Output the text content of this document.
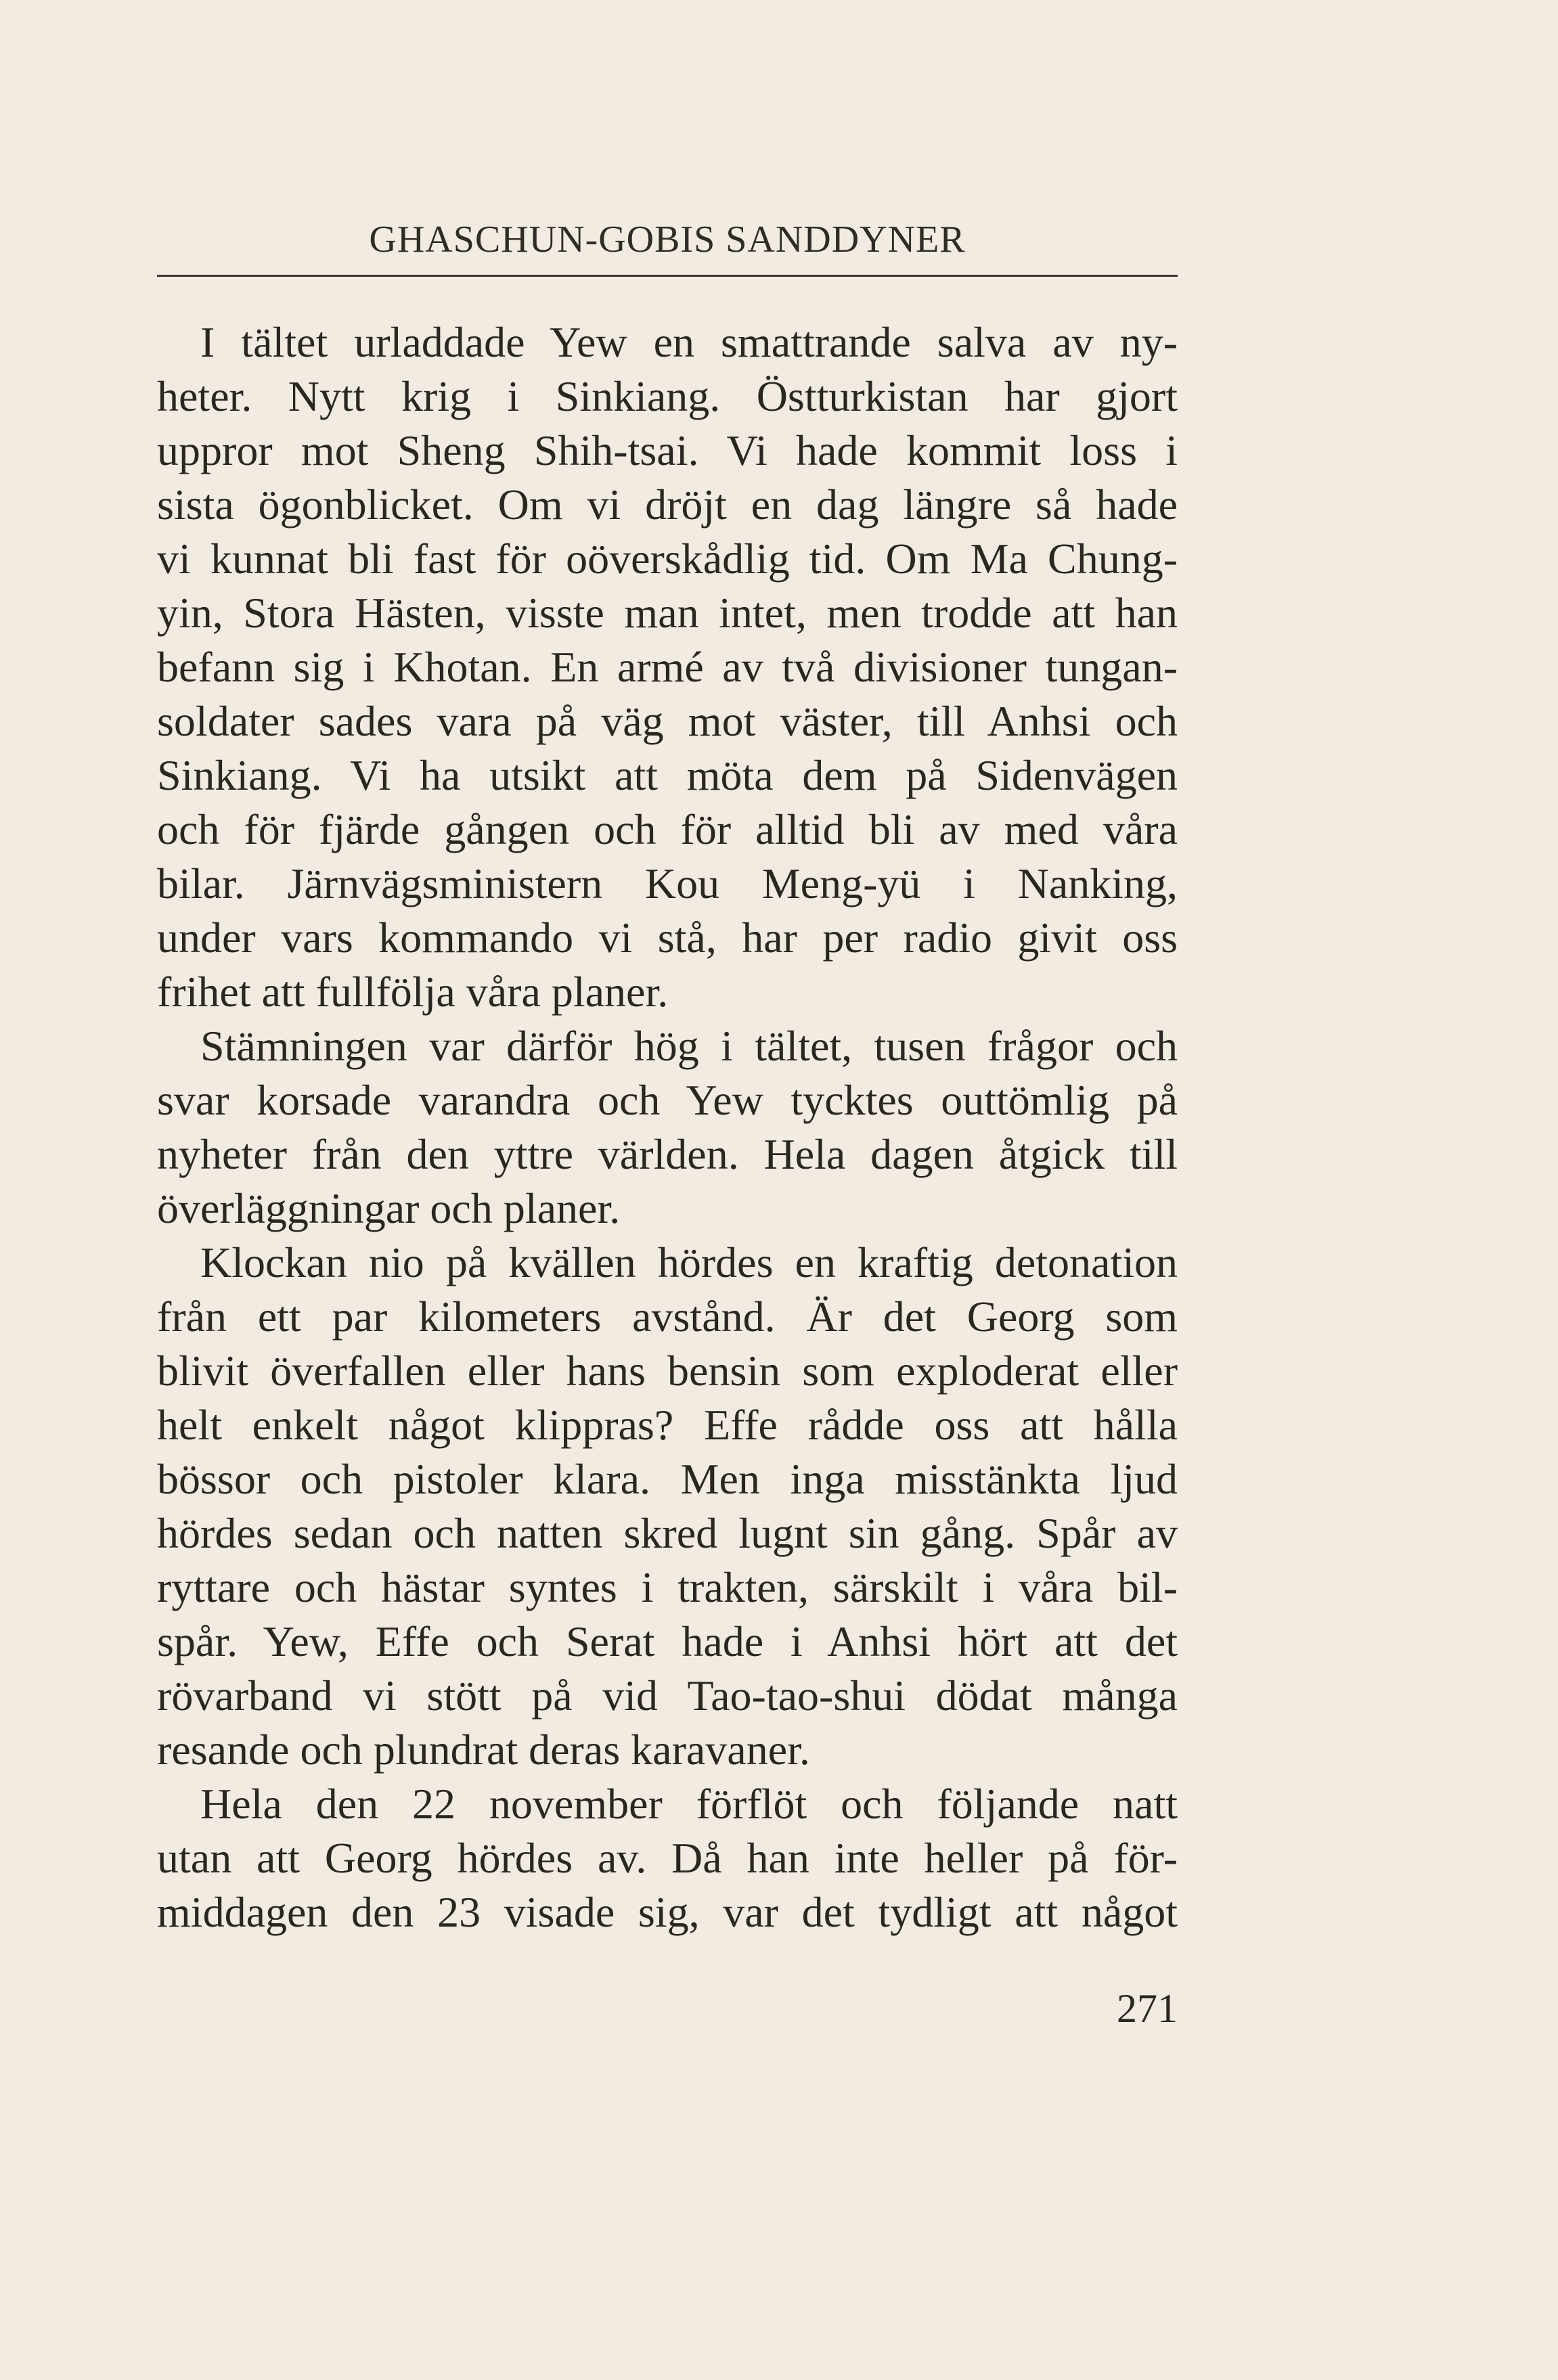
GHASCHUN-GOBIS SANDDYNER
I tältet urladdade Yew en smattrande salva av ny-
heter. Nytt krig i Sinkiang. Östturkistan har gjort
uppror mot Sheng Shih-tsai. Vi hade kommit loss i
sista ögonblicket. Om vi dröjt en dag längre så hade
vi kunnat bli fast för oöverskådlig tid. Om Ma Chung-
yin, Stora Hästen, visste man intet, men trodde att han
befann sig i Khotan. En armé av två divisioner tungan-
soldater sades vara på väg mot väster, till Anhsi och
Sinkiang. Vi ha utsikt att möta dem på Sidenvägen
och för fjärde gången och för alltid bli av med våra
bilar. Järnvägsministern Kou Meng-yü i Nanking,
under vars kommando vi stå, har per radio givit oss
frihet att fullfölja våra planer.
Stämningen var därför hög i tältet, tusen frågor och
svar korsade varandra och Yew tycktes outtömlig på
nyheter från den yttre världen. Hela dagen åtgick till
överläggningar och planer.
Klockan nio på kvällen hördes en kraftig detonation
från ett par kilometers avstånd. Är det Georg som
blivit överfallen eller hans bensin som exploderat eller
helt enkelt något klippras? Effe rådde oss att hålla
bössor och pistoler klara. Men inga misstänkta ljud
hördes sedan och natten skred lugnt sin gång. Spår av
ryttare och hästar syntes i trakten, särskilt i våra bil-
spår. Yew, Effe och Serat hade i Anhsi hört att det
rövarband vi stött på vid Tao-tao-shui dödat många
resande och plundrat deras karavaner.
Hela den 22 november förflöt och följande natt
utan att Georg hördes av. Då han inte heller på för-
middagen den 23 visade sig, var det tydligt att något
271
